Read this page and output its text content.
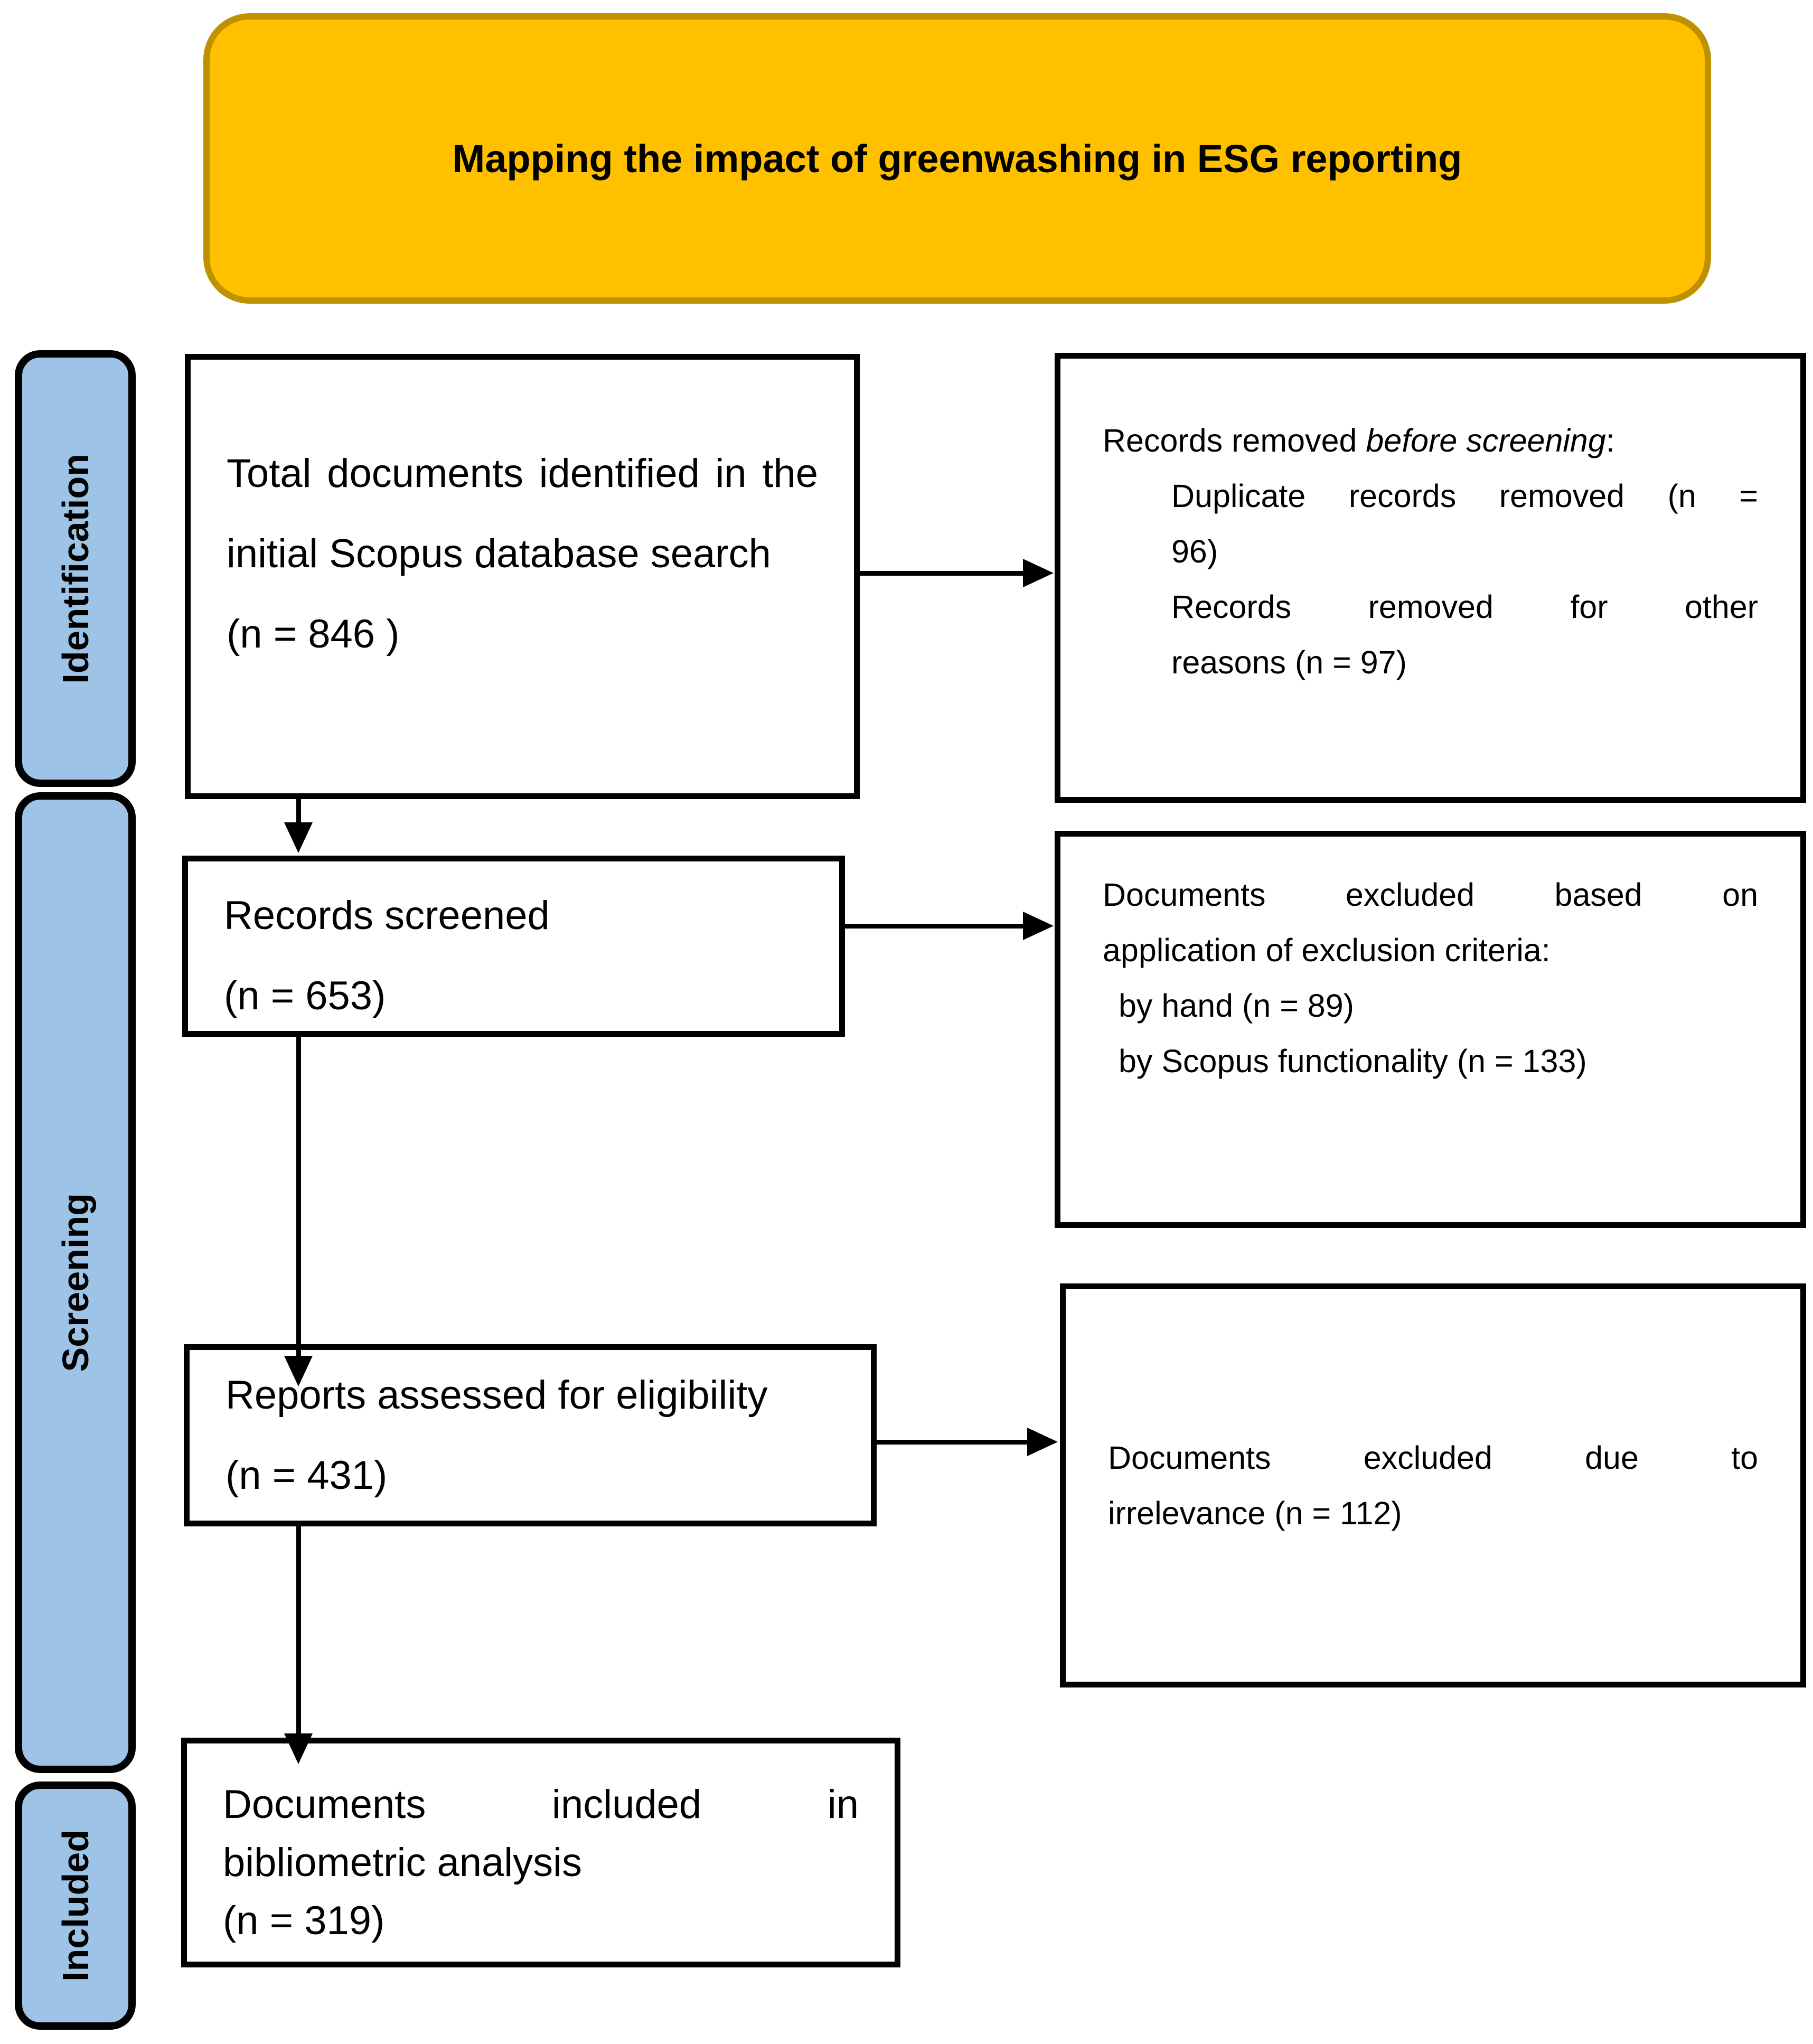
Mapping the impact of greenwashing in ESG reporting
Identification
Screening
Included
Total documents identified in the
initial Scopus database search
(n = 846 )
Records screened
(n = 653)
Reports assessed for eligibility
(n = 431)
Documents included in
bibliometric analysis
(n = 319)
Records removed before screening:
Duplicate records removed (n =
96)
Records removed for other
reasons (n = 97)
Documents excluded based on
application of exclusion criteria:
by hand (n = 89)
by Scopus functionality (n = 133)
Documents excluded due to
irrelevance (n = 112)
